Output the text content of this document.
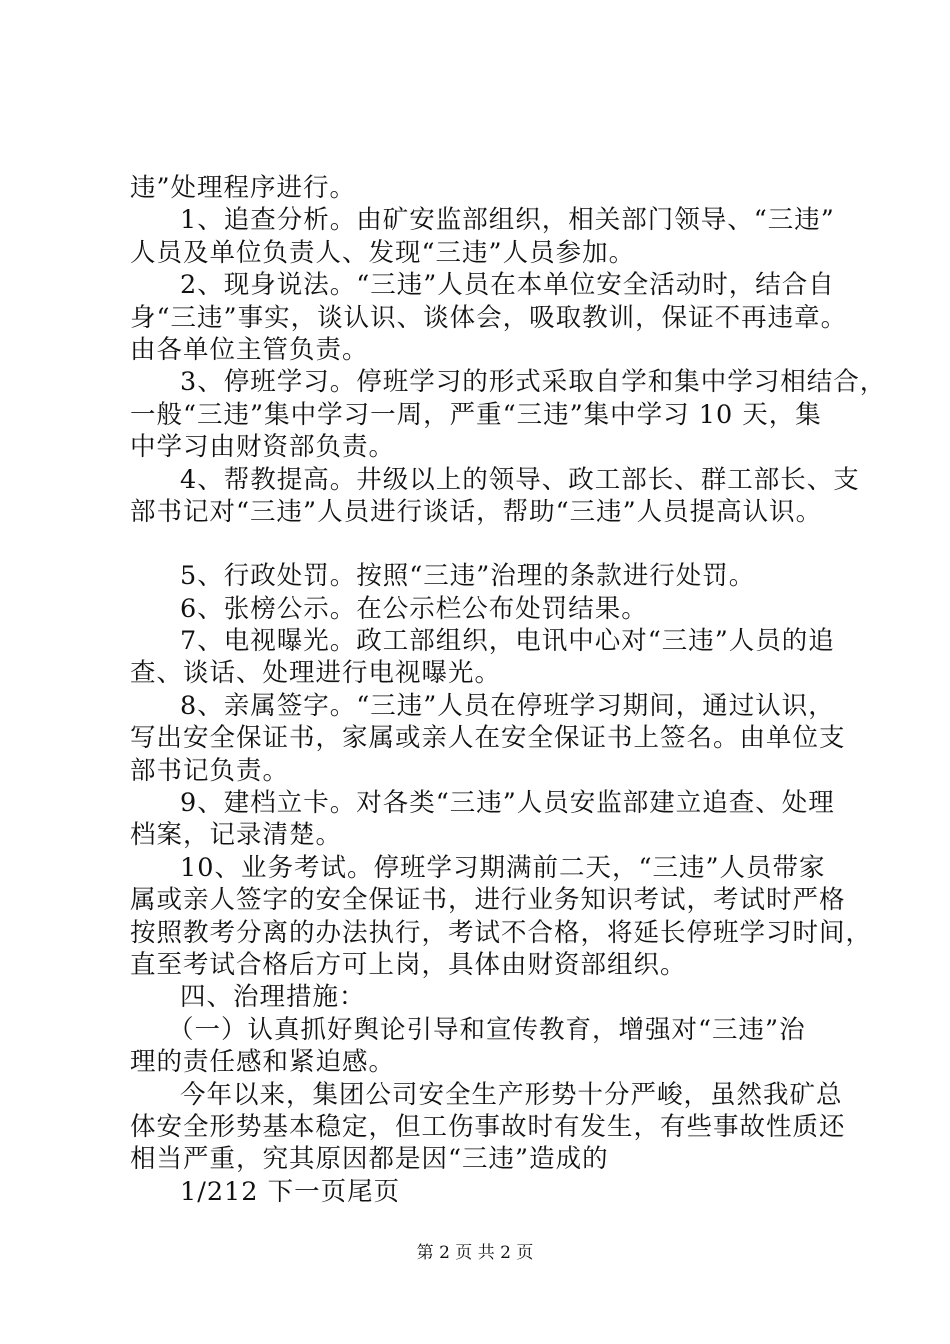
违”处理程序进行。
1、追查分析。由矿安监部组织，相关部门领导、“三违”
人员及单位负责人、发现“三违”人员参加。
2、现身说法。“三违”人员在本单位安全活动时，结合自
身“三违”事实，谈认识、谈体会，吸取教训，保证不再违章。
由各单位主管负责。
3、停班学习。停班学习的形式采取自学和集中学习相结合，
一般“三违”集中学习一周，严重“三违”集中学习 10 天，集
中学习由财资部负责。
4、帮教提高。井级以上的领导、政工部长、群工部长、支
部书记对“三违”人员进行谈话，帮助“三违”人员提高认识。
5、行政处罚。按照“三违”治理的条款进行处罚。
6、张榜公示。在公示栏公布处罚结果。
7、电视曝光。政工部组织，电讯中心对“三违”人员的追
查、谈话、处理进行电视曝光。
8、亲属签字。“三违”人员在停班学习期间，通过认识，
写出安全保证书，家属或亲人在安全保证书上签名。由单位支
部书记负责。
9、建档立卡。对各类“三违”人员安监部建立追查、处理
档案，记录清楚。
10、业务考试。停班学习期满前二天，“三违”人员带家
属或亲人签字的安全保证书，进行业务知识考试，考试时严格
按照教考分离的办法执行，考试不合格，将延长停班学习时间，
直至考试合格后方可上岗，具体由财资部组织。
四、治理措施：
（一）认真抓好舆论引导和宣传教育，增强对“三违”治
理的责任感和紧迫感。
今年以来，集团公司安全生产形势十分严峻，虽然我矿总
体安全形势基本稳定，但工伤事故时有发生，有些事故性质还
相当严重，究其原因都是因“三违”造成的
1/212 下一页尾页
第 2 页 共 2 页
